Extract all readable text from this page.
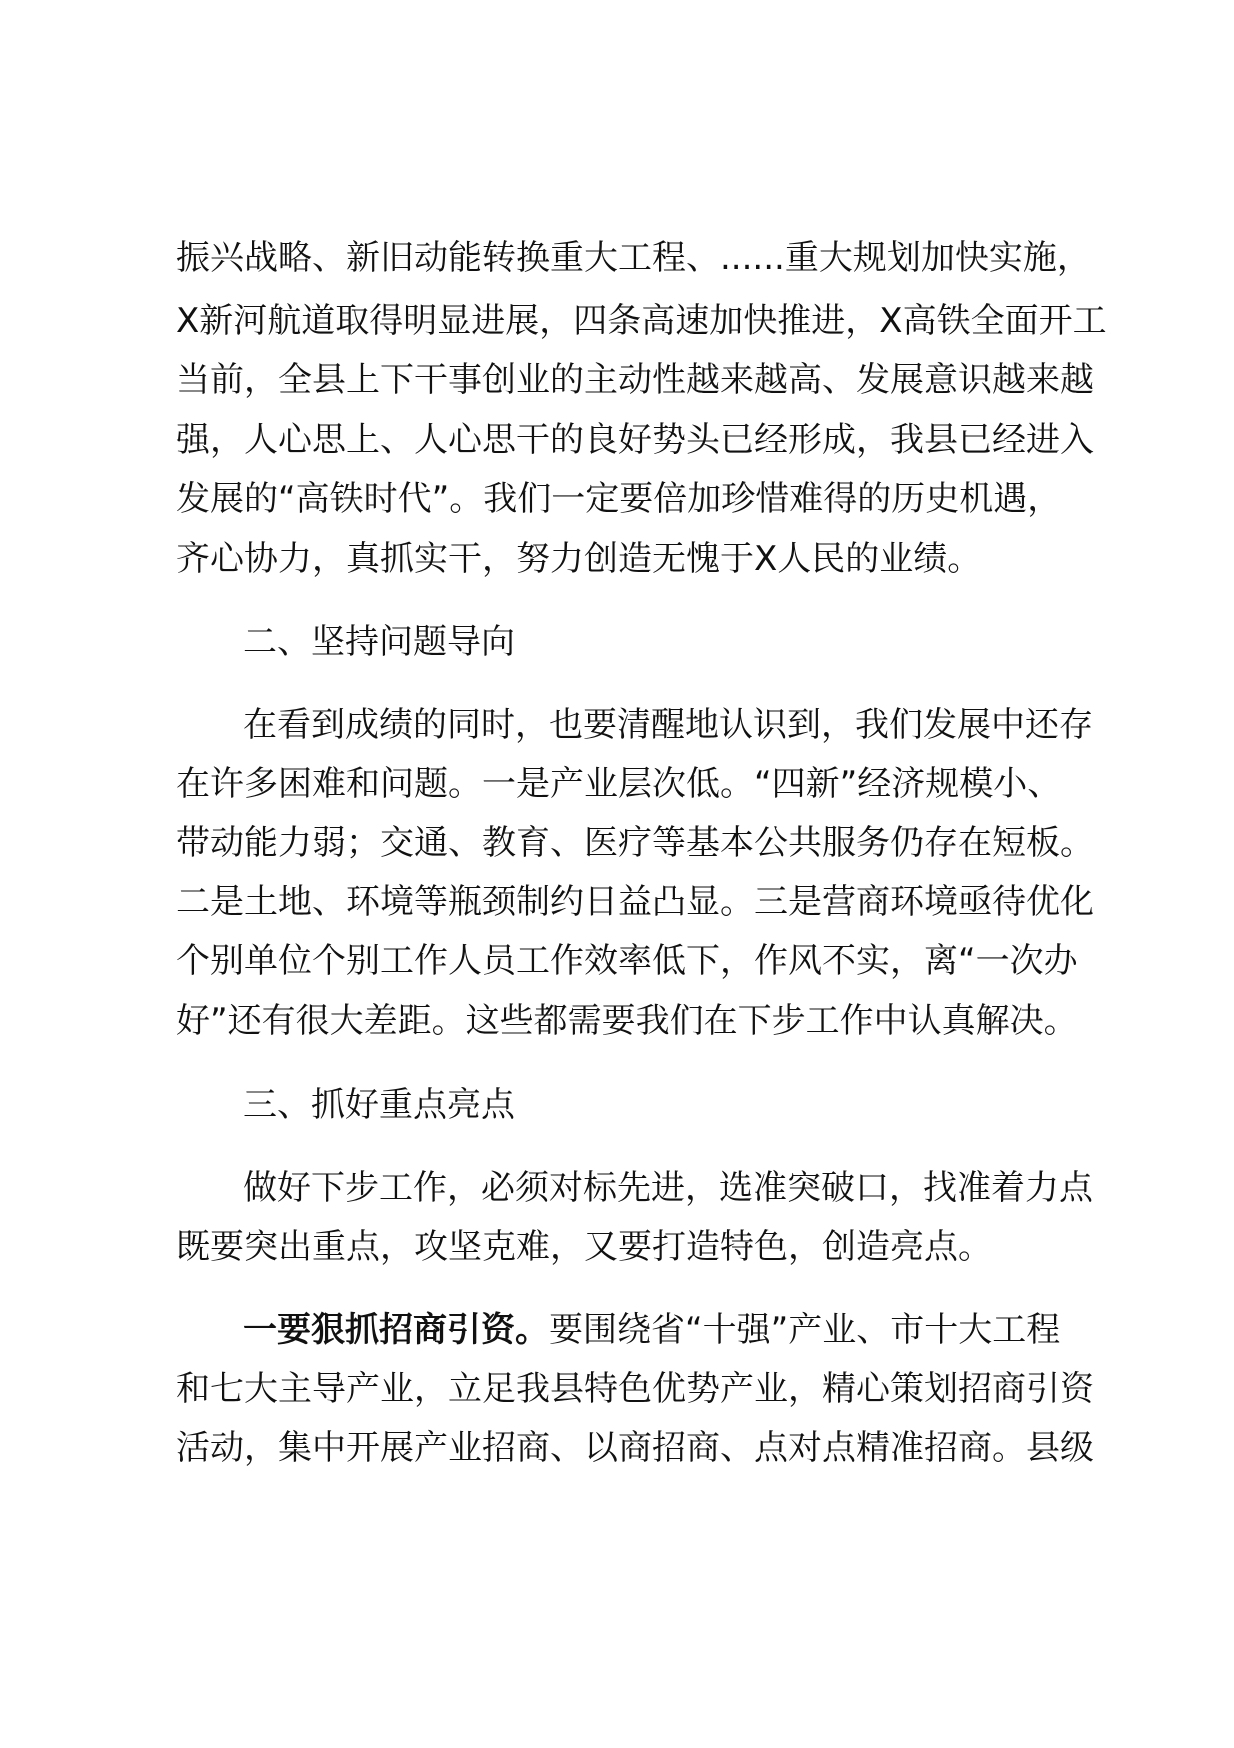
振兴战略、新旧动能转换重大工程、......重大规划加快实施，
X新河航道取得明显进展，四条高速加快推进，X高铁全面开工
当前，全县上下干事创业的主动性越来越高、发展意识越来越
强，人心思上、人心思干的良好势头已经形成，我县已经进入
发展的“高铁时代”。我们一定要倍加珍惜难得的历史机遇，
齐心协力，真抓实干，努力创造无愧于X人民的业绩。
二、坚持问题导向
在看到成绩的同时，也要清醒地认识到，我们发展中还存
在许多困难和问题。一是产业层次低。“四新”经济规模小、
带动能力弱；交通、教育、医疗等基本公共服务仍存在短板。
二是土地、环境等瓶颈制约日益凸显。三是营商环境亟待优化
个别单位个别工作人员工作效率低下，作风不实，离“一次办
好”还有很大差距。这些都需要我们在下步工作中认真解决。
三、抓好重点亮点
做好下步工作，必须对标先进，选准突破口，找准着力点
既要突出重点，攻坚克难，又要打造特色，创造亮点。
一要狠抓招商引资。要围绕省“十强”产业、市十大工程
和七大主导产业，立足我县特色优势产业，精心策划招商引资
活动，集中开展产业招商、以商招商、点对点精准招商。县级
